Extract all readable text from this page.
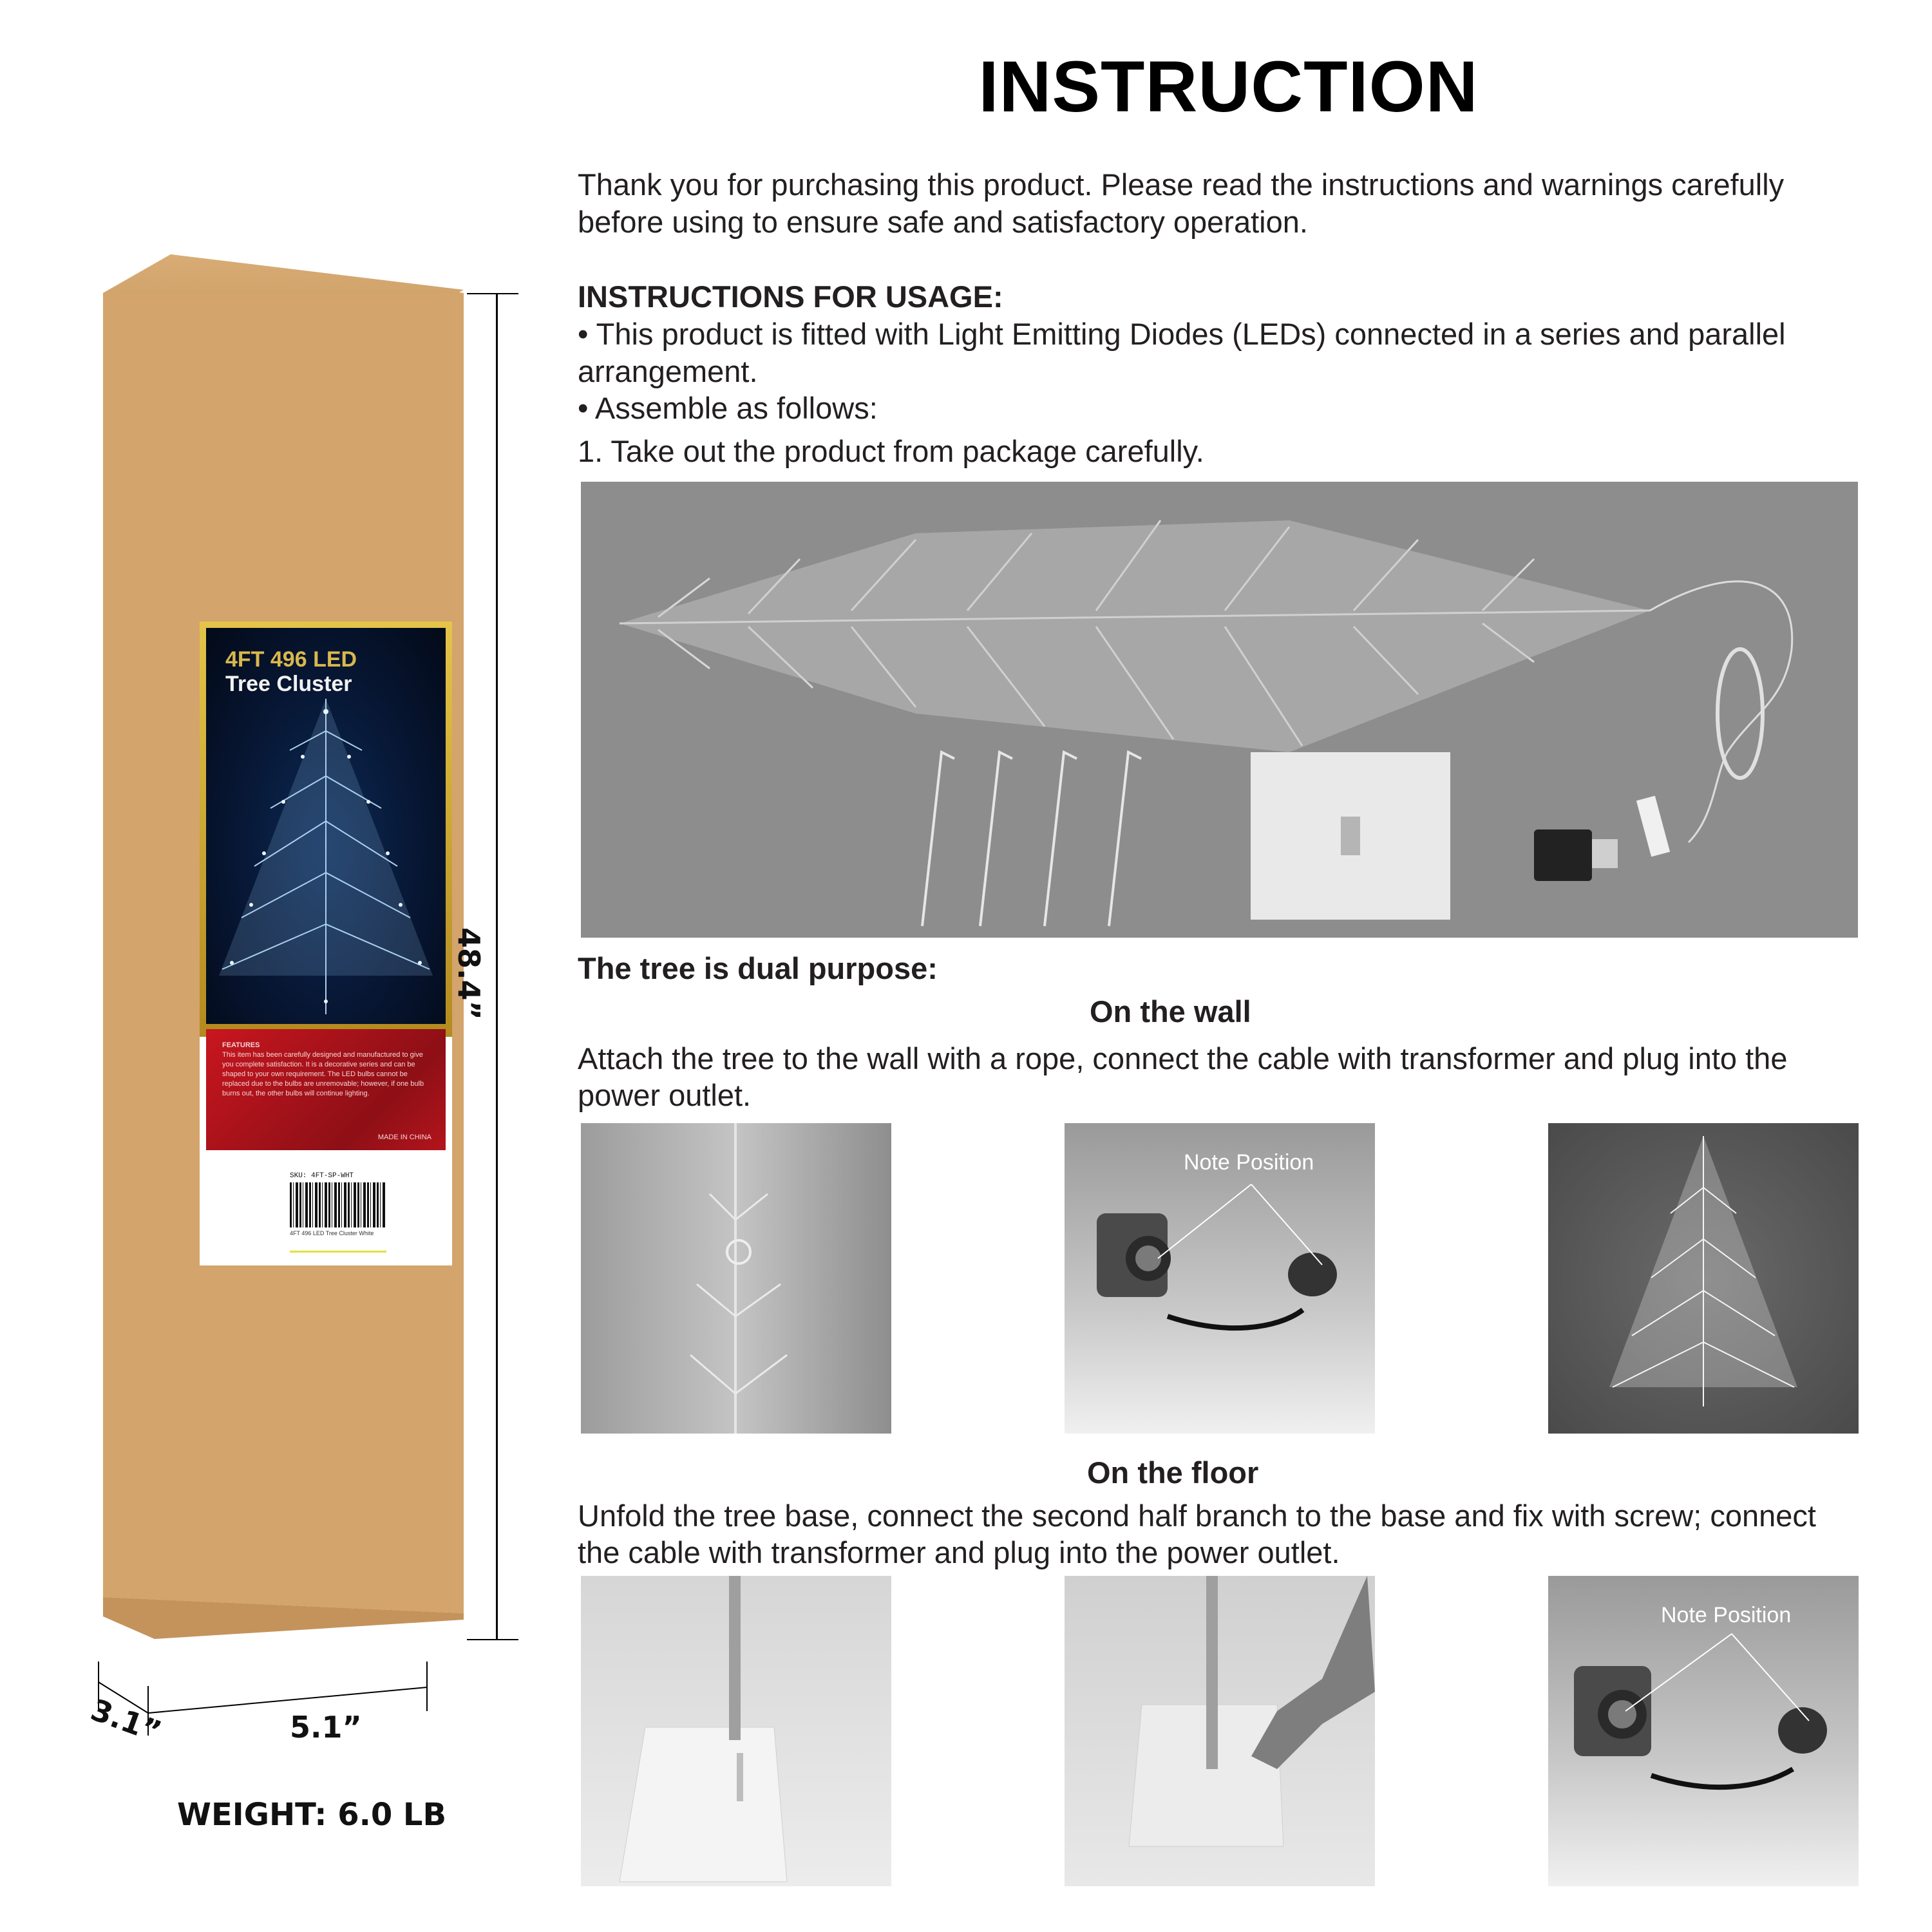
4FT 496 LED
Tree Cluster
FEATURES
This item has been carefully designed and manufactured to give you complete satisfaction. It is a decorative series and can be shaped to your own requirement. The LED bulbs cannot be replaced due to the bulbs are unremovable; however, if one bulb burns out, the other bulbs will continue lighting.
MADE IN CHINA
SKU: 4FT-SP-WHT
4FT 496 LED Tree Cluster White
48.4”
3.1”	5.1”
WEIGHT: 6.0 LB
INSTRUCTION
Thank you for purchasing this product. Please read the instructions and warnings carefully
before using to ensure safe and satisfactory operation.
INSTRUCTIONS FOR USAGE:
• This product is fitted with Light Emitting Diodes (LEDs) connected in a series and parallel
arrangement.
• Assemble as follows:
1. Take out the product from package carefully.
The tree is dual purpose:
On the wall
Attach the tree to the wall with a rope, connect the cable with transformer and plug into the
power outlet.
Note Position
On the floor
Unfold the tree base, connect the second half branch to the base and fix with screw; connect
the cable with transformer and plug into the power outlet.
Note Position
